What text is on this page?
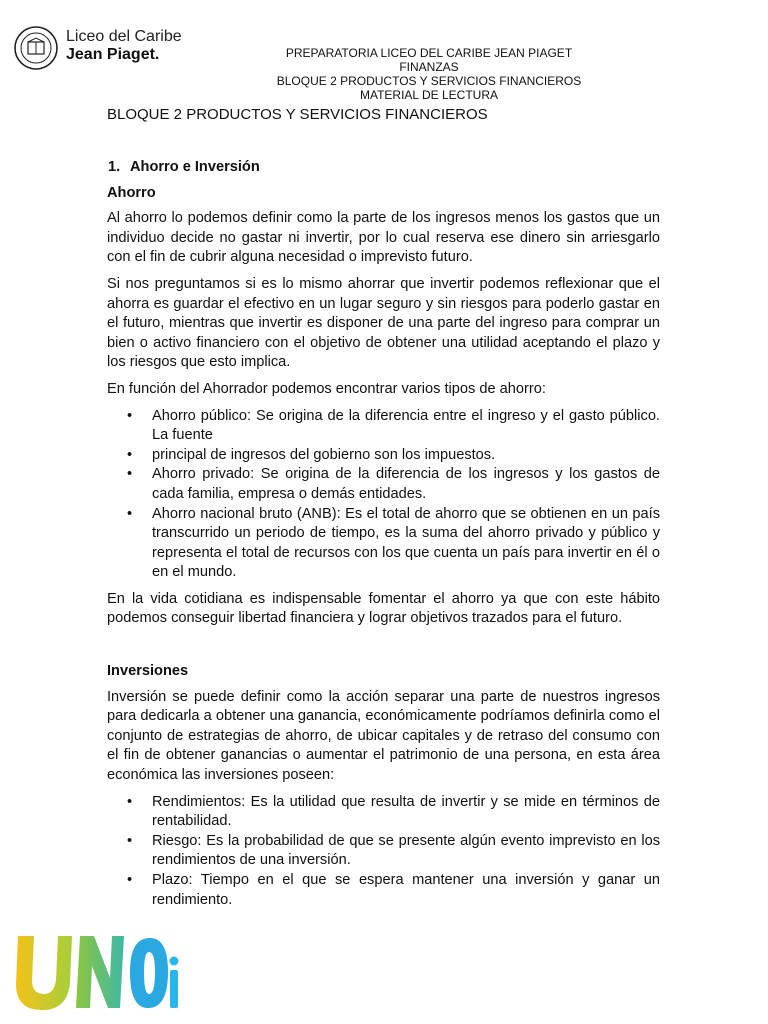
Liceo del Caribe
Jean Piaget.	PREPARATORIA LICEO DEL CARIBE JEAN PIAGET
FINANZAS
BLOQUE 2 PRODUCTOS Y SERVICIOS FINANCIEROS
MATERIAL DE LECTURA
BLOQUE 2 PRODUCTOS Y SERVICIOS FINANCIEROS
1. Ahorro e Inversión
Ahorro

Al ahorro lo podemos definir como la parte de los ingresos menos los gastos que un individuo decide no gastar ni invertir, por lo cual reserva ese dinero sin arriesgarlo con el fin de cubrir alguna necesidad o imprevisto futuro.

Si nos preguntamos si es lo mismo ahorrar que invertir podemos reflexionar que el ahorra es guardar el efectivo en un lugar seguro y sin riesgos para poderlo gastar en el futuro, mientras que invertir es disponer de una parte del ingreso para comprar un bien o activo financiero con el objetivo de obtener una utilidad aceptando el plazo y los riesgos que esto implica.

En función del Ahorrador podemos encontrar varios tipos de ahorro:

• Ahorro público: Se origina de la diferencia entre el ingreso y el gasto público. La fuente
• principal de ingresos del gobierno son los impuestos.
• Ahorro privado: Se origina de la diferencia de los ingresos y los gastos de cada familia, empresa o demás entidades.
• Ahorro nacional bruto (ANB): Es el total de ahorro que se obtienen en un país transcurrido un periodo de tiempo, es la suma del ahorro privado y público y representa el total de recursos con los que cuenta un país para invertir en él o en el mundo.

En la vida cotidiana es indispensable fomentar el ahorro ya que con este hábito podemos conseguir libertad financiera y lograr objetivos trazados para el futuro.

Inversiones

Inversión se puede definir como la acción separar una parte de nuestros ingresos para dedicarla a obtener una ganancia, económicamente podríamos definirla como el conjunto de estrategias de ahorro, de ubicar capitales y de retraso del consumo con el fin de obtener ganancias o aumentar el patrimonio de una persona, en esta área económica las inversiones poseen:

• Rendimientos: Es la utilidad que resulta de invertir y se mide en términos de rentabilidad.
• Riesgo: Es la probabilidad de que se presente algún evento imprevisto en los rendimientos de una inversión.
• Plazo: Tiempo en el que se espera mantener una inversión y ganar un rendimiento.
